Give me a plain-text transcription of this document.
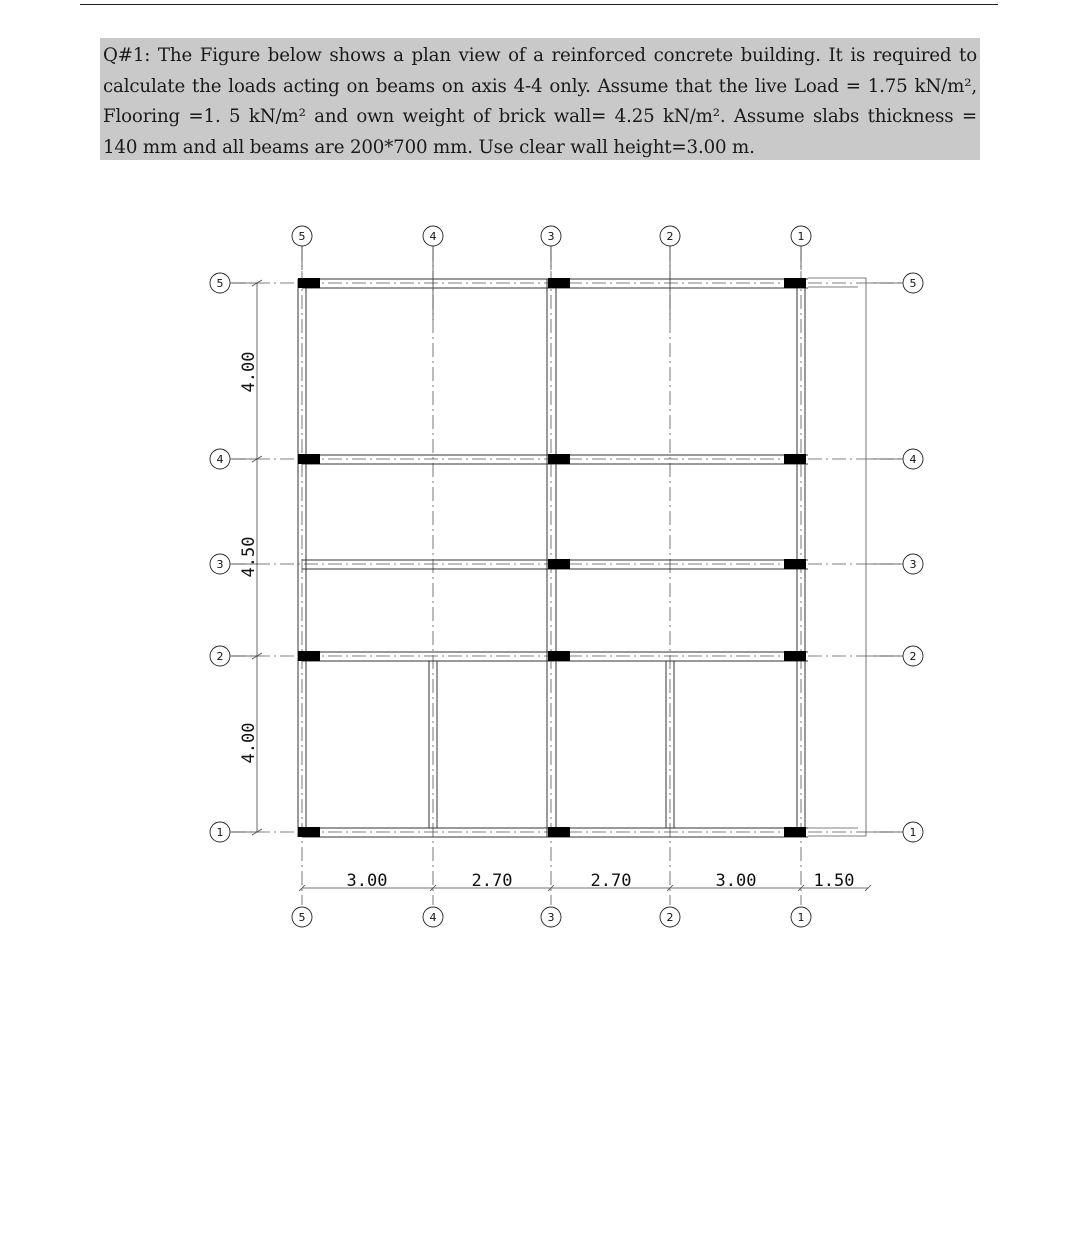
Q#1: The Figure below shows a plan view of a reinforced concrete building. It is required to
calculate the loads acting on beams on axis 4-4 only. Assume that the live Load = 1.75 kN/m²,
Flooring =1. 5 kN/m² and own weight of brick wall= 4.25 kN/m². Assume slabs thickness =
140 mm and all beams are 200*700 mm. Use clear wall height=3.00 m.
5	4	3	2	1
5	4	3	2	1
5
4
3
2
1
5
4
3
2
1
3.00	2.70	2.70	3.00	1.50
4.00
4.50
4.00
